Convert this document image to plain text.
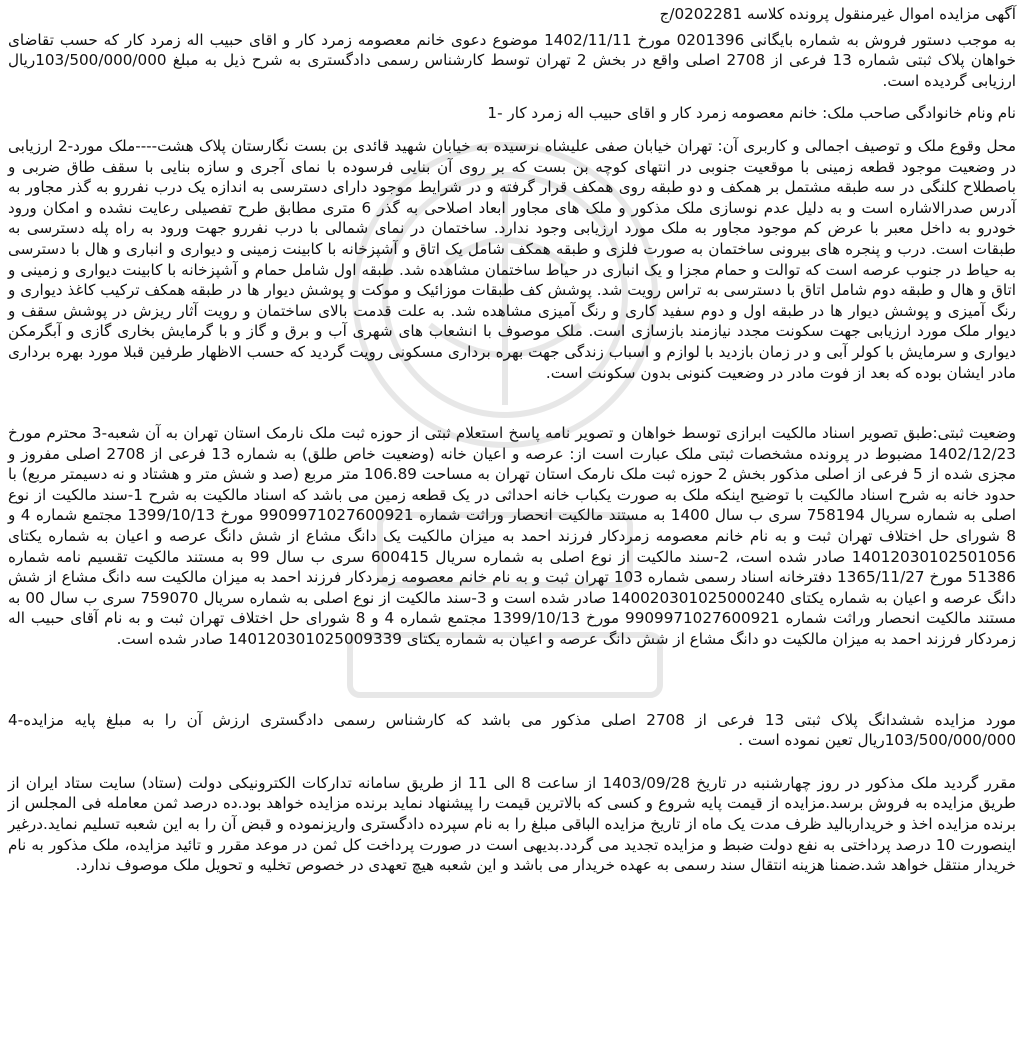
آگهی مزایده اموال غیرمنقول پرونده کلاسه 0202281/ج

به موجب دستور فروش به شماره بایگانی 0201396 مورخ 1402/11/11 موضوع دعوی خانم معصومه زمرد کار و اقای حبیب اله زمرد کار که حسب تقاضای خواهان پلاک ثبتی شماره 13 فرعی از 2708 اصلی واقع در بخش 2 تهران توسط کارشناس رسمی دادگستری به شرح ذیل به مبلغ 103/500/000/000ریال ارزیابی گردیده است.

نام ونام خانوادگی صاحب ملک: خانم معصومه زمرد کار و اقای حبیب اله زمرد کار -1

محل وقوع ملک و توصیف اجمالی و کاربری آن: تهران خیابان صفی علیشاه نرسیده به خیابان شهید قائدی بن بست نگارستان پلاک هشت----ملک مورد-2 ارزیابی در وضعیت موجود قطعه زمینی با موقعیت جنوبی در انتهای کوچه بن بست که بر روی آن بنایی فرسوده با نمای آجری و سازه بنایی با سقف طاق ضربی و باصطلاح کلنگی در سه طبقه مشتمل بر همکف و دو طبقه روی همکف قرار گرفته و در شرایط موجود دارای دسترسی به اندازه یک درب نفررو به گذر مجاور به آدرس صدرالاشاره است و به دلیل عدم نوسازی ملک مذکور و ملک های مجاور ابعاد اصلاحی به گذر 6 متری مطابق طرح تفصیلی رعایت نشده و امکان ورود خودرو به داخل معبر با عرض کم موجود مجاور به ملک مورد ارزیابی وجود ندارد. ساختمان در نمای شمالی با درب نفررو جهت ورود به راه پله دسترسی به طبقات است. درب و پنجره های بیرونی ساختمان به صورت فلزی و طبقه همکف شامل یک اتاق و آشپزخانه با کابینت زمینی و دیواری و انباری و هال با دسترسی به حیاط در جنوب عرصه است که توالت و حمام مجزا و یک انباری در حیاط ساختمان مشاهده شد. طبقه اول شامل حمام و آشپزخانه با کابینت دیواری و زمینی و اتاق و هال و طبقه دوم شامل اتاق با دسترسی به تراس رویت شد. پوشش کف طبقات موزائیک و موکت و پوشش دیوار ها در طبقه همکف ترکیب کاغذ دیواری و رنگ آمیزی و پوشش دیوار ها در طبقه اول و دوم سفید کاری و رنگ آمیزی مشاهده شد. به علت قدمت بالای ساختمان و رویت آثار ریزش در پوشش سقف و دیوار ملک مورد ارزیابی جهت سکونت مجدد نیازمند بازسازی است. ملک موصوف با انشعاب های شهری آب و برق و گاز و با گرمایش بخاری گازی و آبگرمکن دیواری و سرمایش با کولر آبی و در زمان بازدید با لوازم و اسباب زندگی جهت بهره برداری مسکونی رویت گردید که حسب الاظهار طرفین قبلا مورد بهره برداری مادر ایشان بوده که بعد از فوت مادر در وضعیت کنونی بدون سکونت است.

وضعیت ثبتی:طبق تصویر اسناد مالکیت ابرازی توسط خواهان و تصویر نامه پاسخ استعلام ثبتی از حوزه ثبت ملک نارمک استان تهران به آن شعبه-3 محترم مورخ 1402/12/23 مضبوط در پرونده مشخصات ثبتی ملک عبارت است از: عرصه و اعیان خانه (وضعیت خاص طلق) به شماره 13 فرعی از 2708 اصلی مفروز و مجزی شده از 5 فرعی از اصلی مذکور بخش 2 حوزه ثبت ملک نارمک استان تهران به مساحت 106.89 متر مربع (صد و شش متر و هشتاد و نه دسیمتر مربع) با حدود خانه به شرح اسناد مالکیت با توضیح اینکه ملک به صورت یکباب خانه احداثی در یک قطعه زمین می باشد که اسناد مالکیت به شرح 1-سند مالکیت از نوع اصلی به شماره سریال 758194 سری ب سال 1400 به مستند مالکیت انحصار وراثت شماره 9909971027600921 مورخ 1399/10/13 مجتمع شماره 4 و 8 شورای حل اختلاف تهران ثبت و به نام خانم معصومه زمردکار فرزند احمد به میزان مالکیت یک دانگ مشاع از شش دانگ عرصه و اعیان به شماره یکتای 14012030102501056 صادر شده است، 2-سند مالکیت از نوع اصلی به شماره سریال 600415 سری ب سال 99 به مستند مالکیت تقسیم نامه شماره 51386 مورخ 1365/11/27 دفترخانه اسناد رسمی شماره 103 تهران ثبت و به نام خانم معصومه زمردکار فرزند احمد به میزان مالکیت سه دانگ مشاع از شش دانگ عرصه و اعیان به شماره یکتای 140020301025000240 صادر شده است و 3-سند مالکیت از نوع اصلی به شماره سریال 759070 سری ب سال 00 به مستند مالکیت انحصار وراثت شماره 9909971027600921 مورخ 1399/10/13 مجتمع شماره 4 و 8 شورای حل اختلاف تهران ثبت و به نام آقای حبیب اله زمردکار فرزند احمد به میزان مالکیت دو دانگ مشاع از شش دانگ عرصه و اعیان به شماره یکتای 140120301025009339 صادر شده است.

مورد مزایده ششدانگ پلاک ثبتی 13 فرعی از 2708 اصلی مذکور می باشد که کارشناس رسمی دادگستری ارزش آن را به مبلغ پایه مزایده-4 103/500/000/000ریال تعین نموده است .

مقرر گردید ملک مذکور در روز چهارشنبه در تاریخ 1403/09/28 از ساعت 8 الی 11 از طریق سامانه تدارکات الکترونیکی دولت (ستاد) سایت ستاد ایران از طریق مزایده به فروش برسد.مزایده از قیمت پایه شروع و کسی که بالاترین قیمت را پیشنهاد نماید برنده مزایده خواهد بود.ده درصد ثمن معامله فی المجلس از برنده مزایده اخذ و خریداربالید ظرف مدت یک ماه از تاریخ مزایده الباقی مبلغ را به نام سپرده دادگستری واریزنموده و قبض آن را به این شعبه تسلیم نماید.درغیر اینصورت 10 درصد پرداختی به نفع دولت ضبط و مزایده تجدید می گردد.بدیهی است در صورت پرداخت کل ثمن در موعد مقرر و تائید مزایده، ملک مذکور به نام خریدار منتقل خواهد شد.ضمنا هزینه انتقال سند رسمی به عهده خریدار می باشد و این شعبه هیچ تعهدی در خصوص تخلیه و تحویل ملک موصوف ندارد.
